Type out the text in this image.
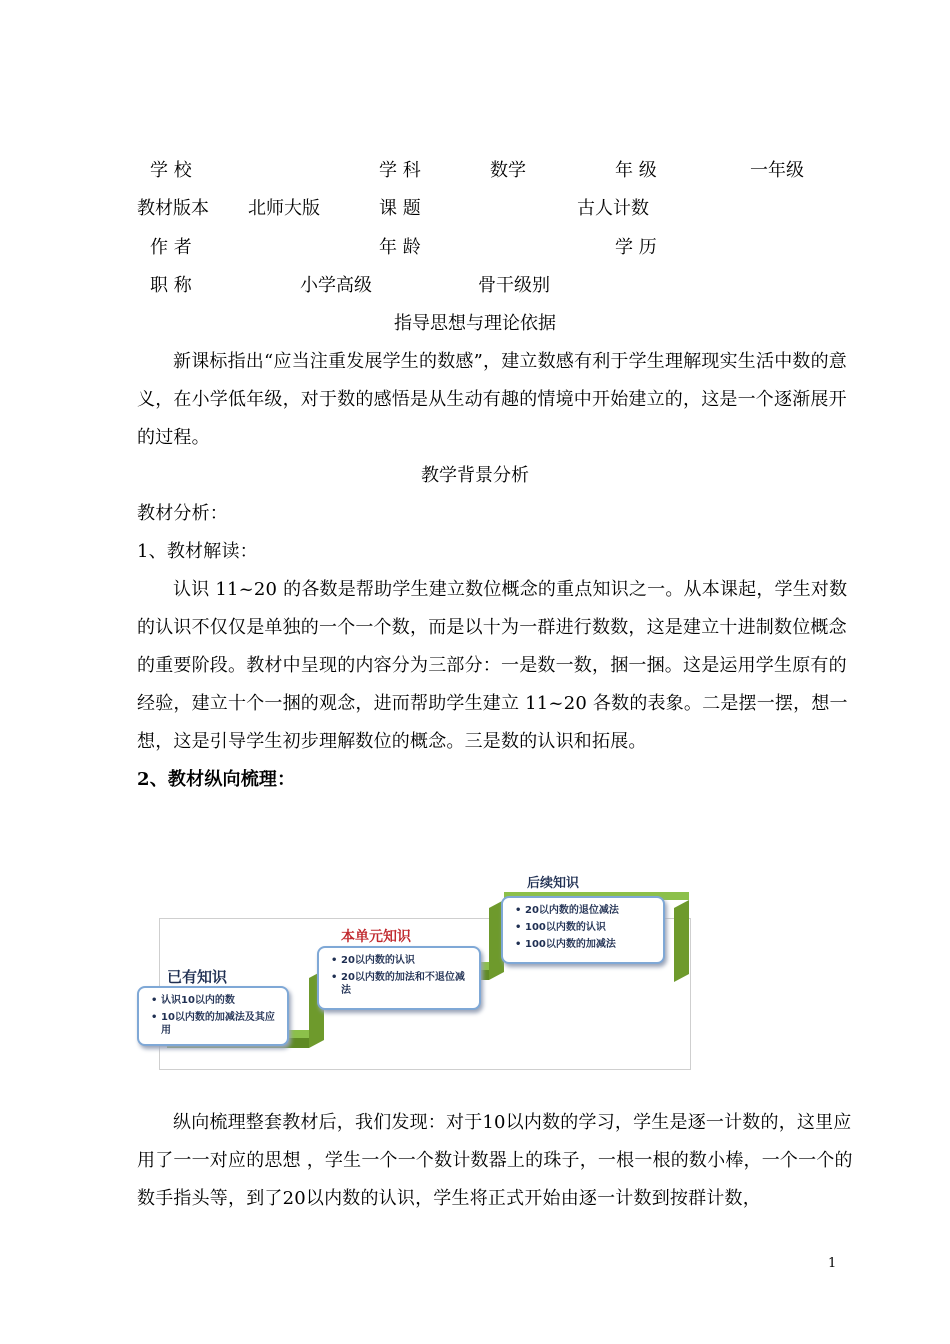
学 校	学 科	数学	年 级	一年级
教材版本 北师大版	课 题	古人计数
作 者	年 龄	学 历
职 称	小学高级	骨干级别
指导思想与理论依据
新课标指出“应当注重发展学生的数感”，建立数感有利于学生理解现实生活中数的意义，在小学低年级，对于数的感悟是从生动有趣的情境中开始建立的，这是一个逐渐展开的过程。
教学背景分析
教材分析：
1、教材解读：
认识 11~20 的各数是帮助学生建立数位概念的重点知识之一。从本课起，学生对数的认识不仅仅是单独的一个一个数，而是以十为一群进行数数，这是建立十进制数位概念的重要阶段。教材中呈现的内容分为三部分：一是数一数，捆一捆。这是运用学生原有的经验，建立十个一捆的观念，进而帮助学生建立 11~20 各数的表象。二是摆一摆，想一想，这是引导学生初步理解数位的概念。三是数的认识和拓展。
2、教材纵向梳理：
已有知识
• 认识10以内的数
• 10以内数的加减法及其应用
本单元知识
• 20以内数的认识
• 20以内数的加法和不退位减法
后续知识
• 20以内数的退位减法
• 100以内数的认识
• 100以内数的加减法
纵向梳理整套教材后，我们发现：对于10以内数的学习，学生是逐一计数的，这里应用了一一对应的思想 ，学生一个一个数计数器上的珠子，一根一根的数小棒，一个一个的数手指头等，到了20以内数的认识，学生将正式开始由逐一计数到按群计数，
1
